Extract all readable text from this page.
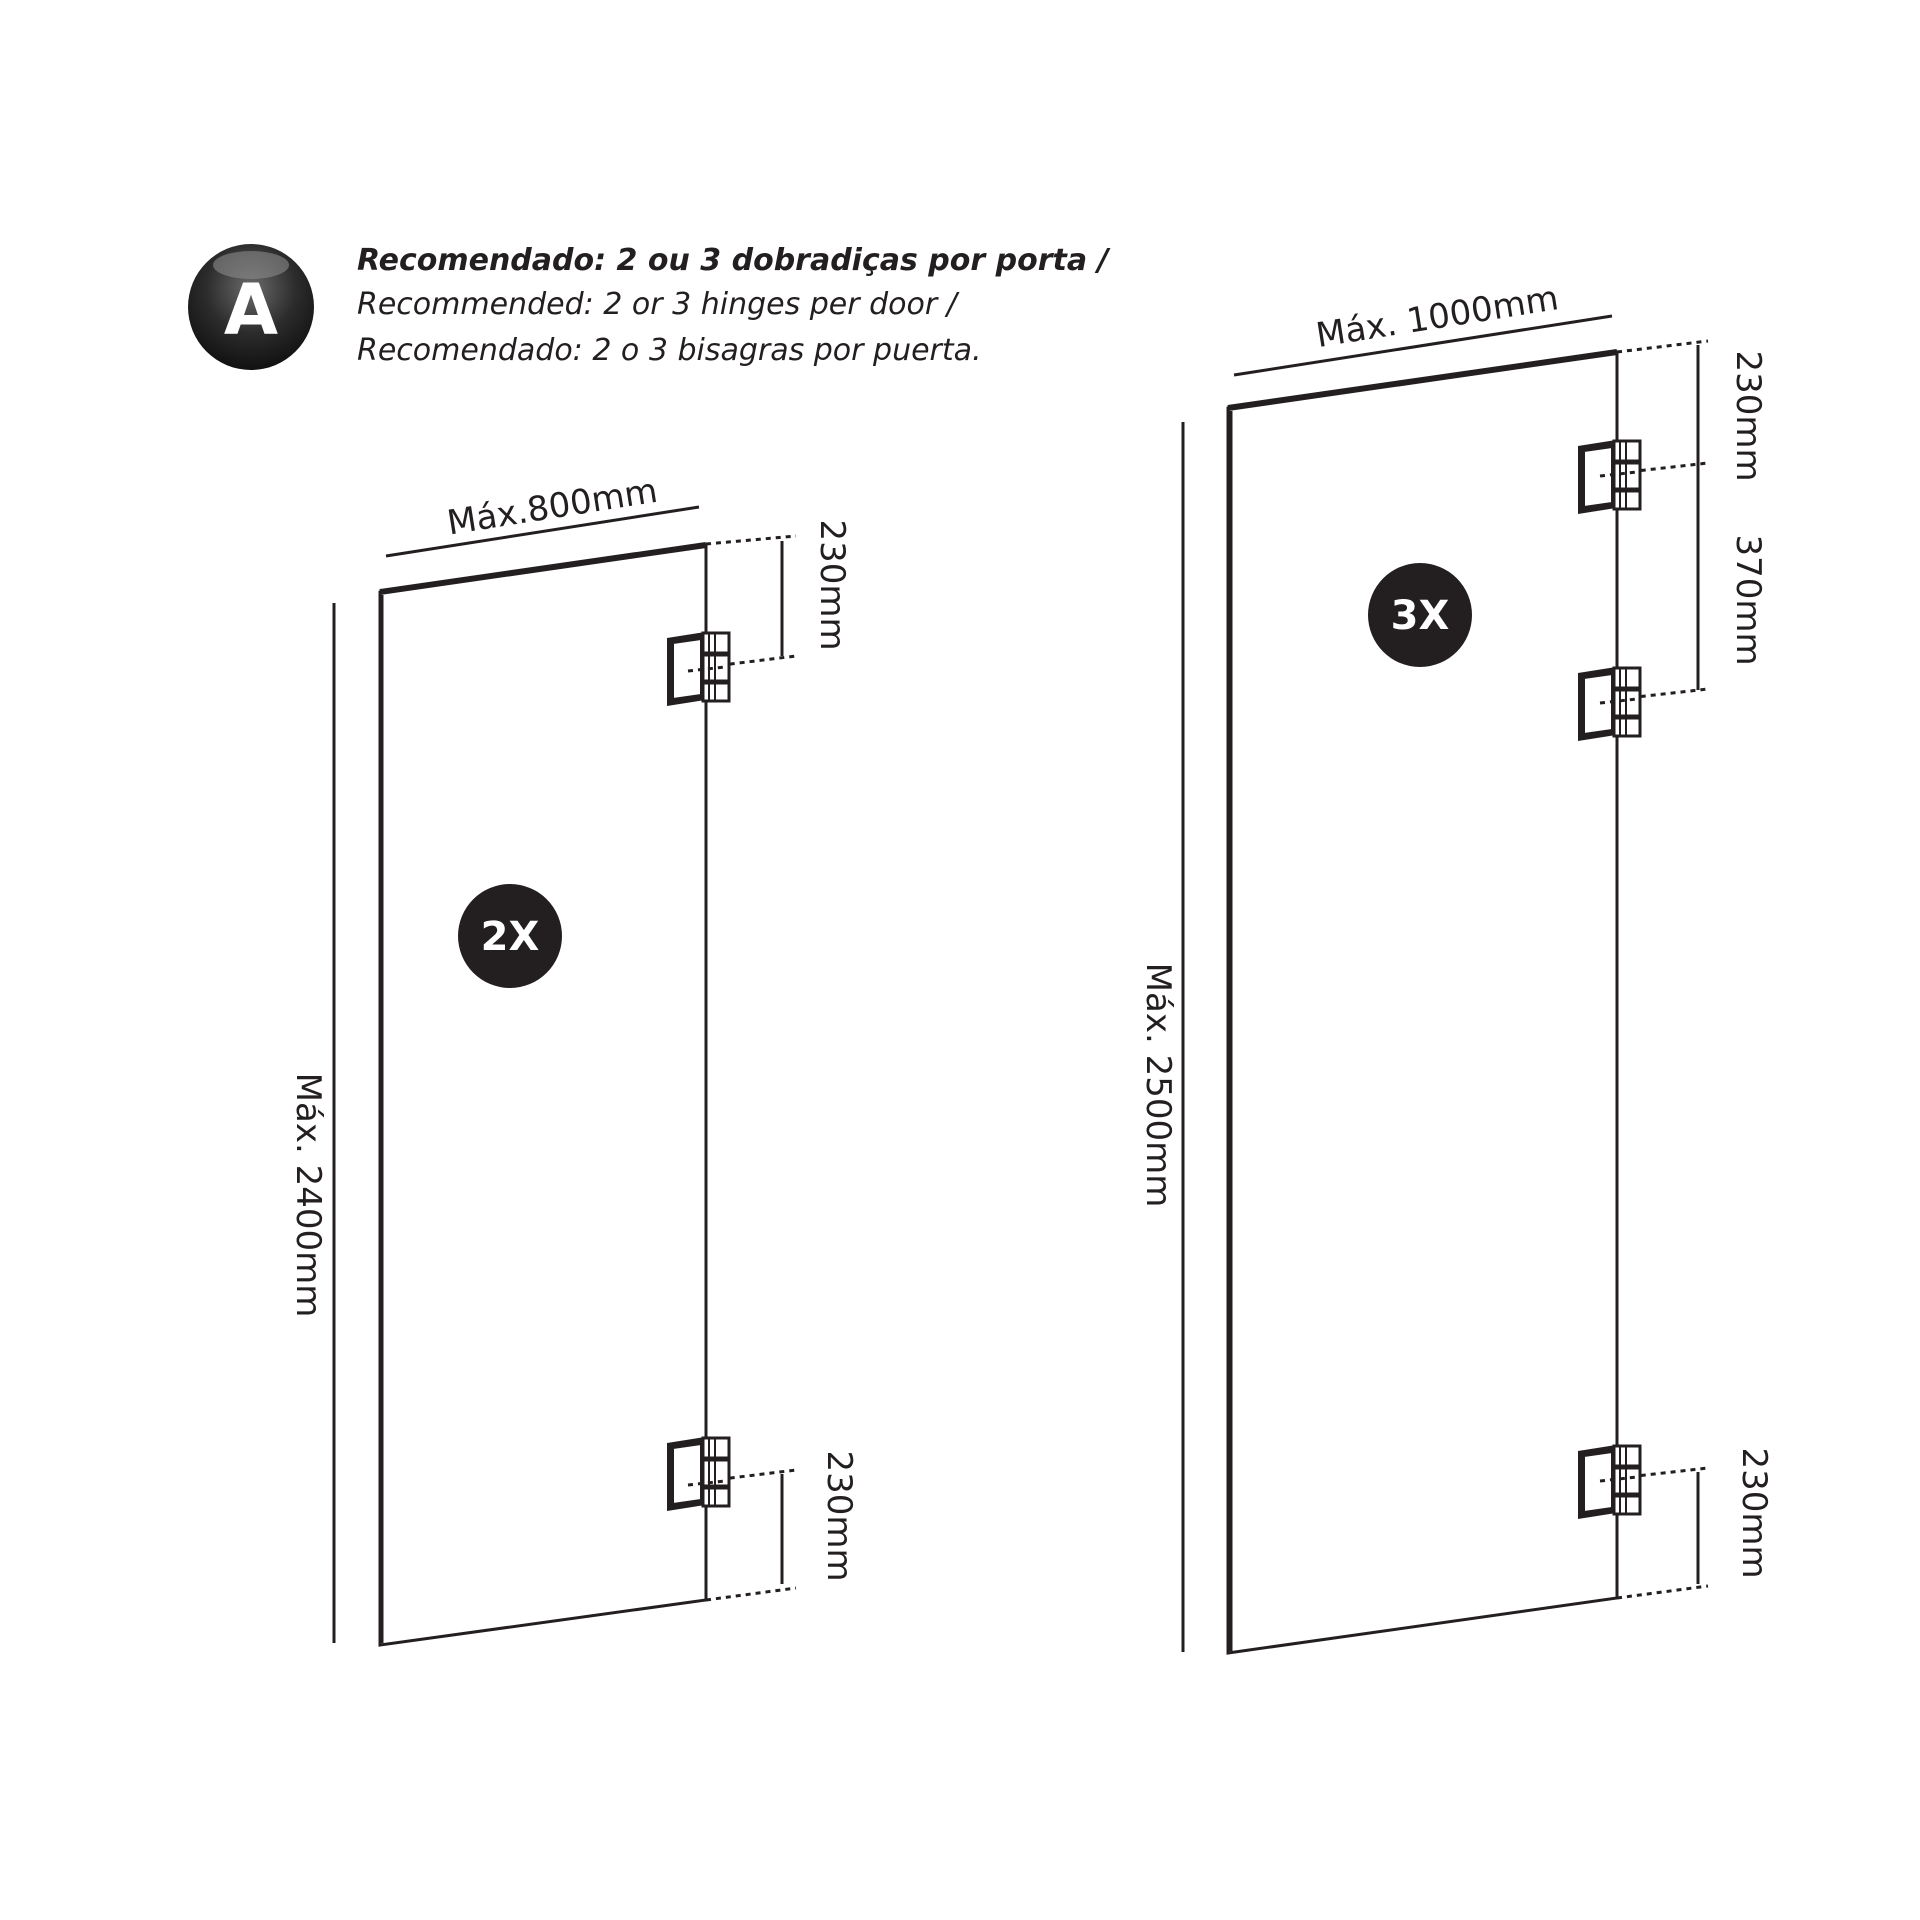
A
2X
Máx.800mm
Máx. 2400mm
230mm
230mm
3X
Máx. 1000mm
Máx. 2500mm
230mm
370mm
230mm
Recomendado: 2 ou 3 dobradiças por porta /
Recommended: 2 or 3 hinges per door /
Recomendado: 2 o 3 bisagras por puerta.
